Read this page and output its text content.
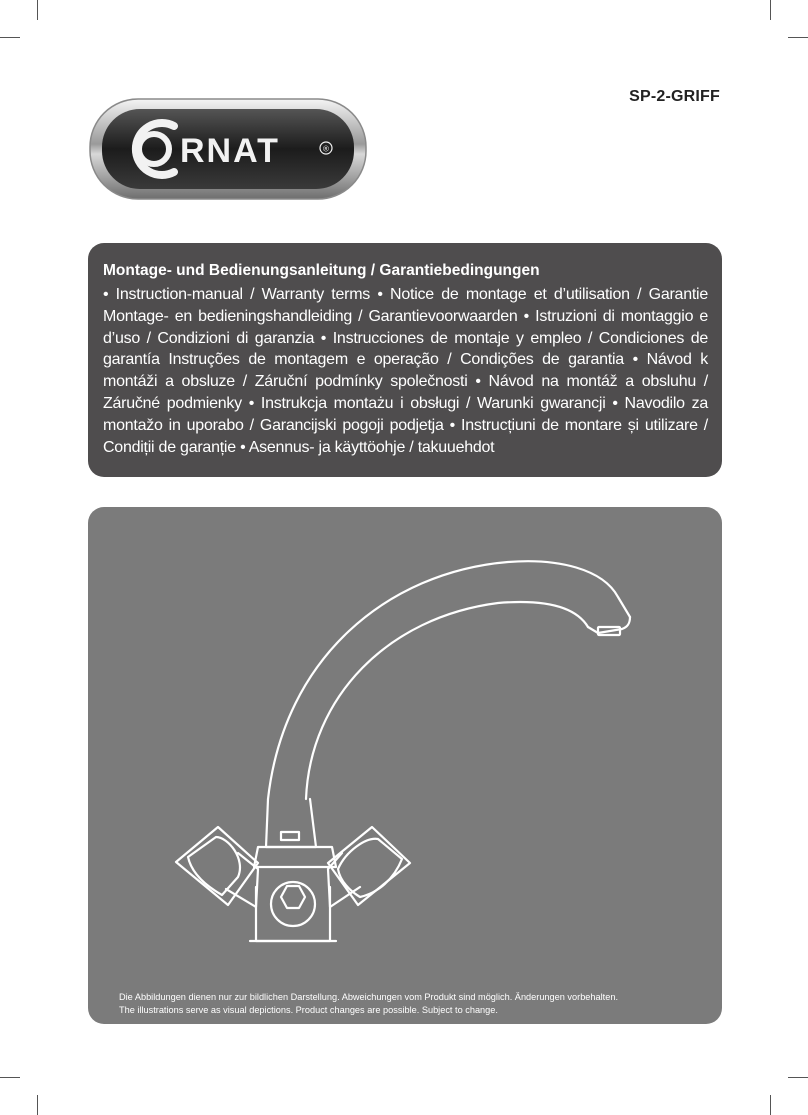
SP-2-GRIFF
RNAT	®

Montage- und Bedienungsanleitung / Garantiebedingungen

• Instruction-manual / Warranty terms • Notice de montage et d’utilisation / Garantie Montage- en bedieningshandleiding / Garantievoorwaarden • Istruzioni di montaggio e d’uso / Condizioni di garanzia • Instrucciones de montaje y empleo / Condiciones de garantía Instruções de montagem e operação / Condições de garantia • Návod k montáži a obsluze / Záruční podmínky společnosti • Návod na montáž a obsluhu / Záručné podmienky • Instrukcja montażu i obsługi / Warunki gwarancji • Navodilo za montažo in uporabo / Garancijski pogoji podjetja • Instrucțiuni de montare și utilizare / Condiții de garanție • Asennus- ja käyttöohje / takuuehdot

Die Abbildungen dienen nur zur bildlichen Darstellung. Abweichungen vom Produkt sind möglich. Änderungen vorbehalten.

The illustrations serve as visual depictions. Product changes are possible. Subject to change.
